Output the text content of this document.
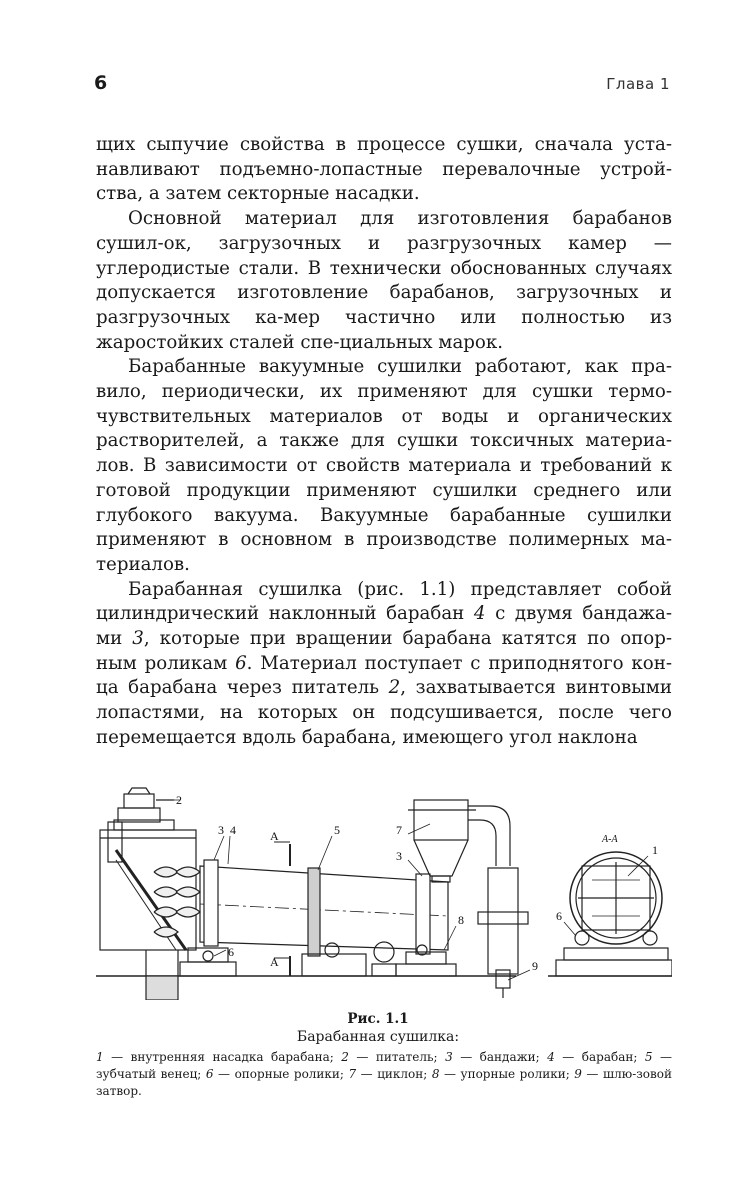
6	Глава 1

щих сыпучие свойства в процессе сушки, сначала уста-навливают подъемно-лопастные перевалочные устрой-ства, а затем секторные насадки.

Основной материал для изготовления барабанов сушил-ок, загрузочных и разгрузочных камер — углеродистые стали. В технически обоснованных случаях допускается изготовление барабанов, загрузочных и разгрузочных ка-мер частично или полностью из жаростойких сталей спе-циальных марок.

Барабанные вакуумные сушилки работают, как пра-вило, периодически, их применяют для сушки термо-чувствительных материалов от воды и органических растворителей, а также для сушки токсичных материа-лов. В зависимости от свойств материала и требований к готовой продукции применяют сушилки среднего или глубокого вакуума. Вакуумные барабанные сушилки применяют в основном в производстве полимерных ма-териалов.

Барабанная сушилка (рис. 1.1) представляет собой цилиндрический наклонный барабан 4 с двумя бандажа-ми 3, которые при вращении барабана катятся по опор-ным роликам 6. Материал поступает с приподнятого кон-ца барабана через питатель 2, захватывается винтовыми лопастями, на которых он подсушивается, после чего перемещается вдоль барабана, имеющего угол наклона

2
3 4	5	7
3
8
9
6
6
1
А
А
А-А
Рис. 1.1
Барабанная сушилка:
1 — внутренняя насадка барабана; 2 — питатель; 3 — бандажи; 4 — барабан; 5 — зубчатый венец; 6 — опорные ролики; 7 — циклон; 8 — упорные ролики; 9 — шлю-зовой затвор.
